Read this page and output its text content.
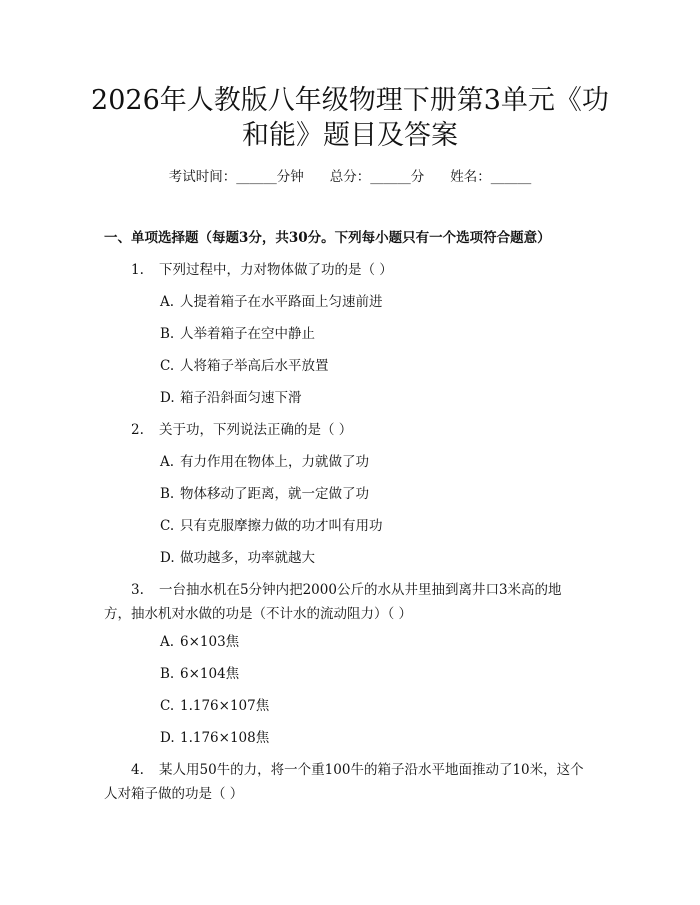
2026年人教版八年级物理下册第3单元《功
和能》题目及答案
考试时间：______分钟 总分：______分 姓名：______
一、单项选择题（每题3分，共30分。下列每小题只有一个选项符合题意）
1. 下列过程中，力对物体做了功的是（ ）
A. 人提着箱子在水平路面上匀速前进
B. 人举着箱子在空中静止
C. 人将箱子举高后水平放置
D. 箱子沿斜面匀速下滑
2. 关于功，下列说法正确的是（ ）
A. 有力作用在物体上，力就做了功
B. 物体移动了距离，就一定做了功
C. 只有克服摩擦力做的功才叫有用功
D. 做功越多，功率就越大
3. 一台抽水机在5分钟内把2000公斤的水从井里抽到离井口3米高的地
方，抽水机对水做的功是（不计水的流动阻力）（ ）
A. 6×103焦
B. 6×104焦
C. 1.176×107焦
D. 1.176×108焦
4. 某人用50牛的力，将一个重100牛的箱子沿水平地面推动了10米，这个
人对箱子做的功是（ ）
